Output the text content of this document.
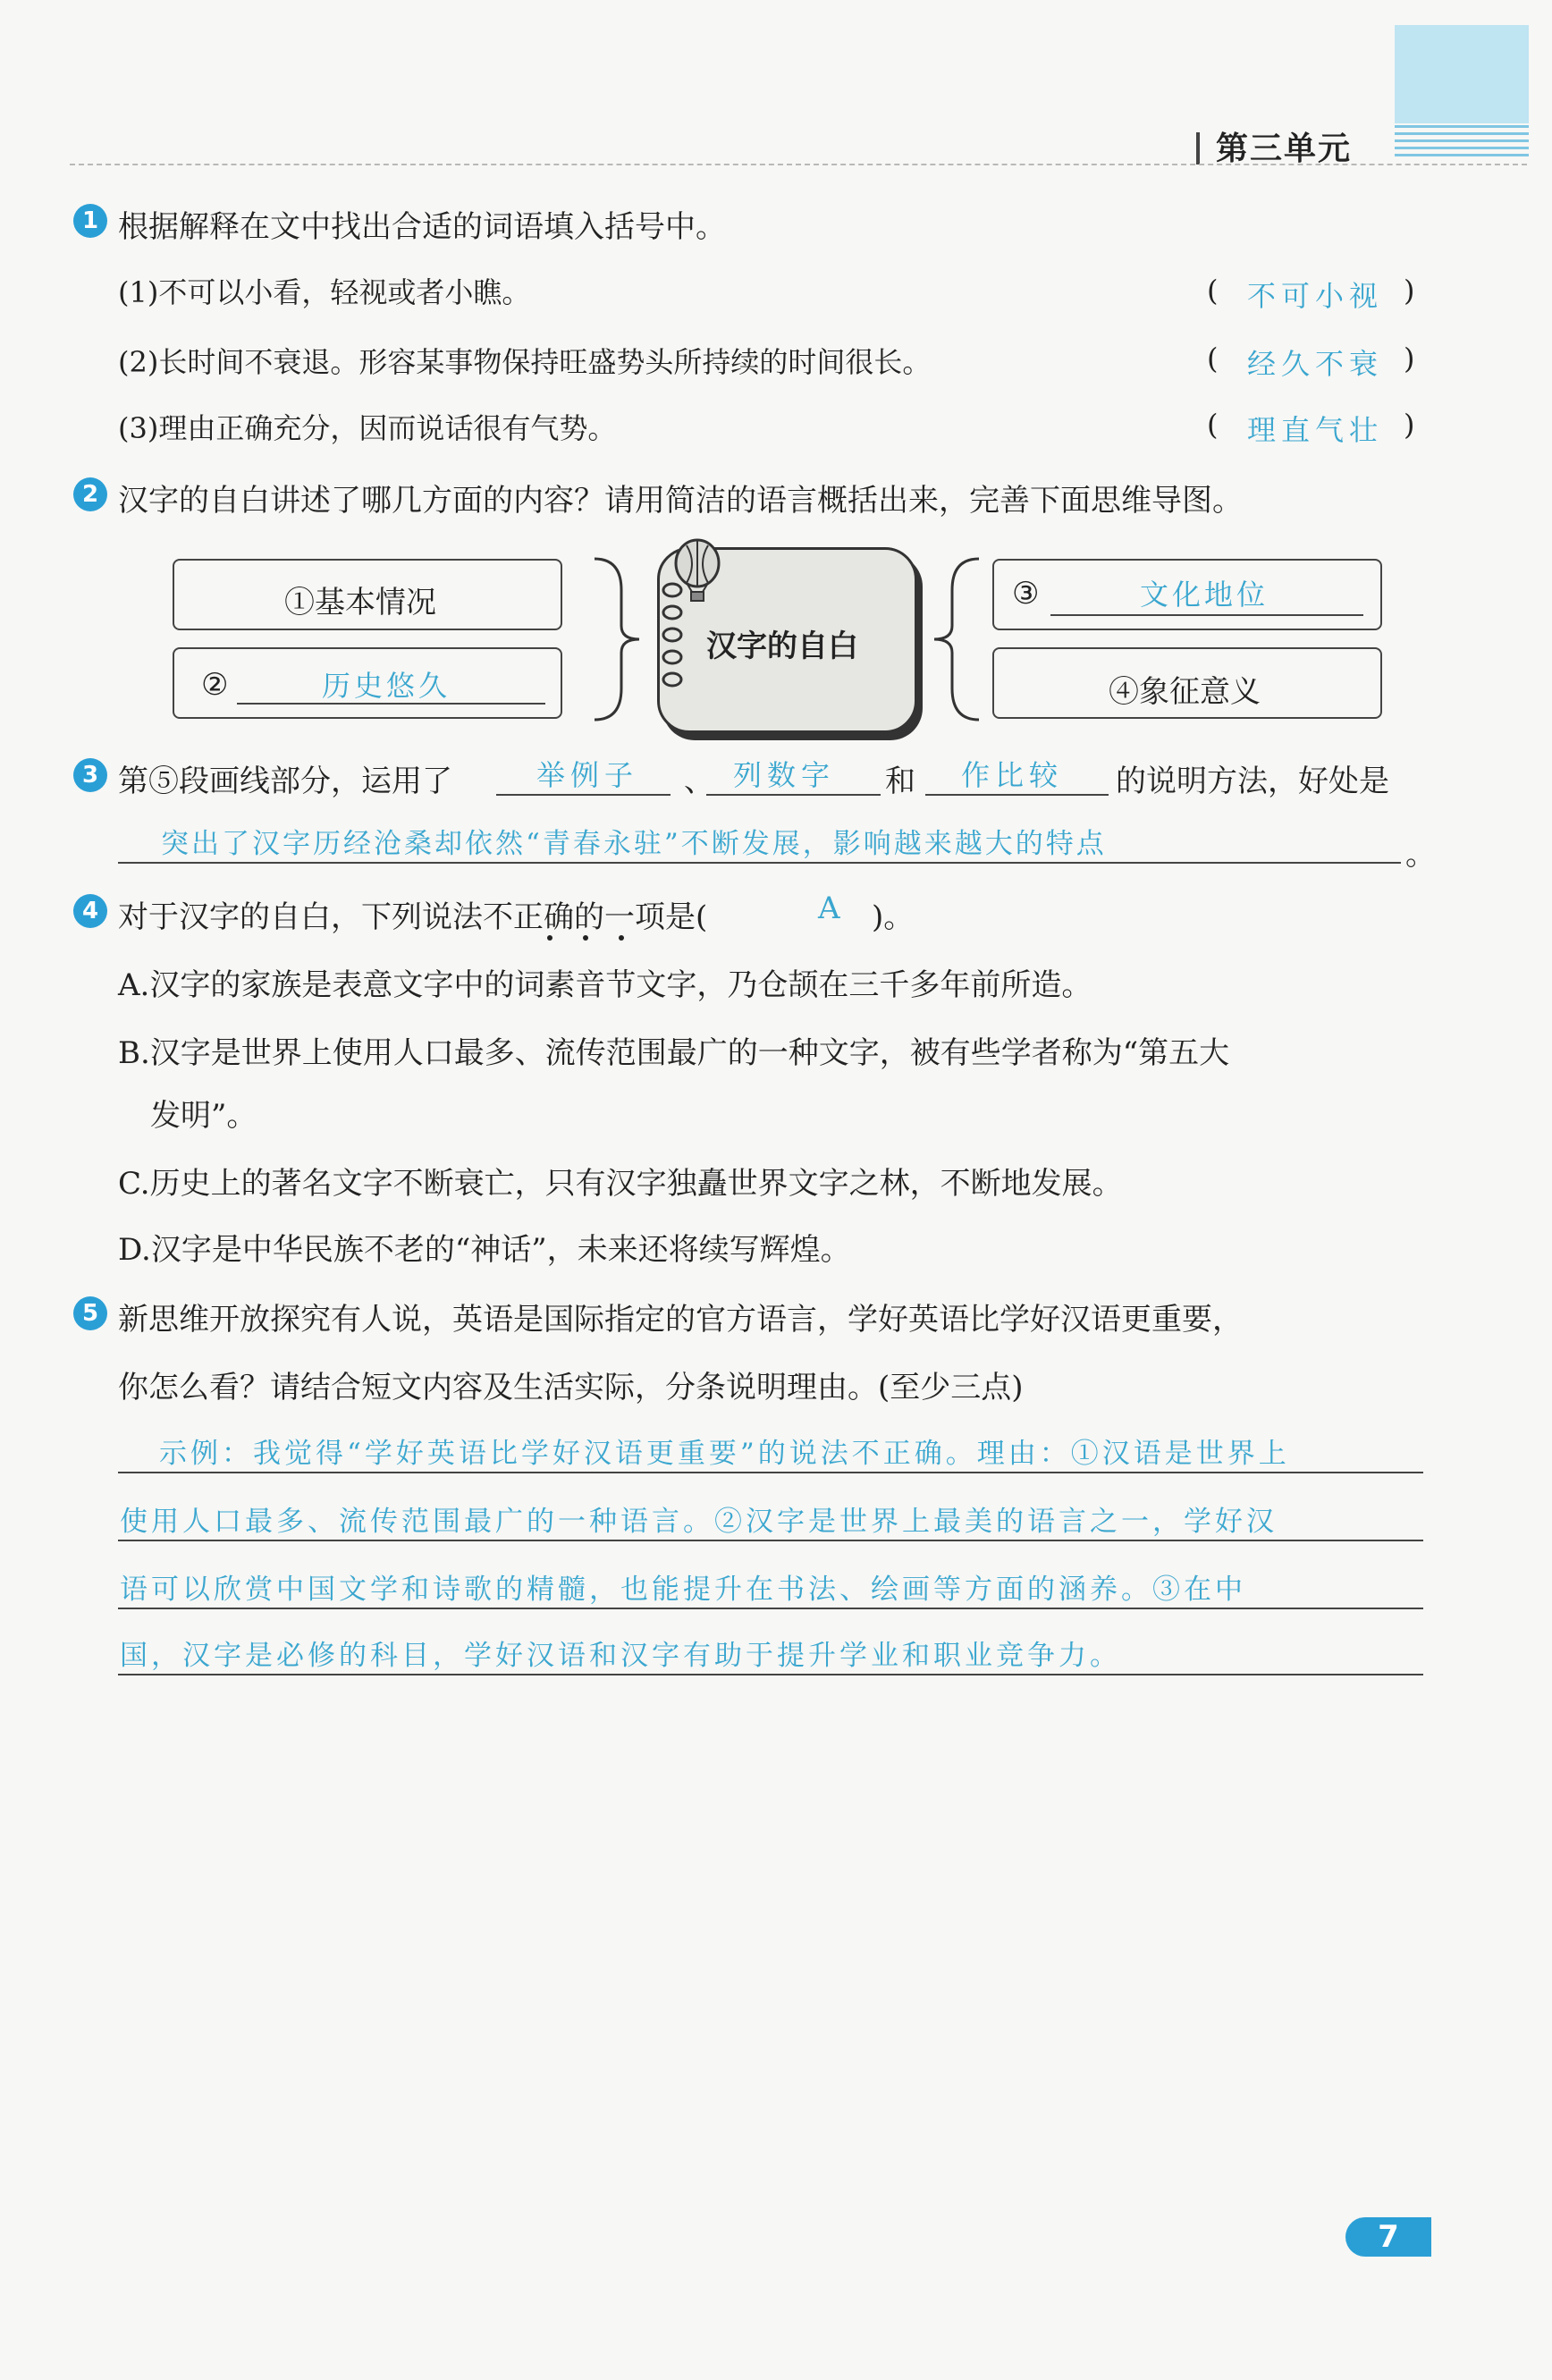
第三单元
1 根据解释在文中找出合适的词语填入括号中。
(1)不可以小看，轻视或者小瞧。	( 不可小视 )
(2)长时间不衰退。形容某事物保持旺盛势头所持续的时间很长。	( 经久不衰 )
(3)理由正确充分，因而说话很有气势。	( 理直气壮 )
2 汉字的自白讲述了哪几方面的内容？请用简洁的语言概括出来，完善下面思维导图。
①基本情况
②	历史悠久
汉字的自白
③	文化地位
④象征意义
3 第⑤段画线部分，运用了	举例子 、 列数字 和 作比较 的说明方法，好处是
突出了汉字历经沧桑却依然“青春永驻”不断发展，影响越来越大的特点	。
4 对于汉字的自白，下列说法不正确的一项是(	A )。
A.汉字的家族是表意文字中的词素音节文字，乃仓颉在三千多年前所造。
B.汉字是世界上使用人口最多、流传范围最广的一种文字，被有些学者称为“第五大
发明”。
C.历史上的著名文字不断衰亡，只有汉字独矗世界文字之林，不断地发展。
D.汉字是中华民族不老的“神话”，未来还将续写辉煌。
5 新思维开放探究有人说，英语是国际指定的官方语言，学好英语比学好汉语更重要，
你怎么看？请结合短文内容及生活实际，分条说明理由。(至少三点)
示例：我觉得“学好英语比学好汉语更重要”的说法不正确。理由：①汉语是世界上
使用人口最多、流传范围最广的一种语言。②汉字是世界上最美的语言之一，学好汉
语可以欣赏中国文学和诗歌的精髓，也能提升在书法、绘画等方面的涵养。③在中
国，汉字是必修的科目，学好汉语和汉字有助于提升学业和职业竞争力。
7
